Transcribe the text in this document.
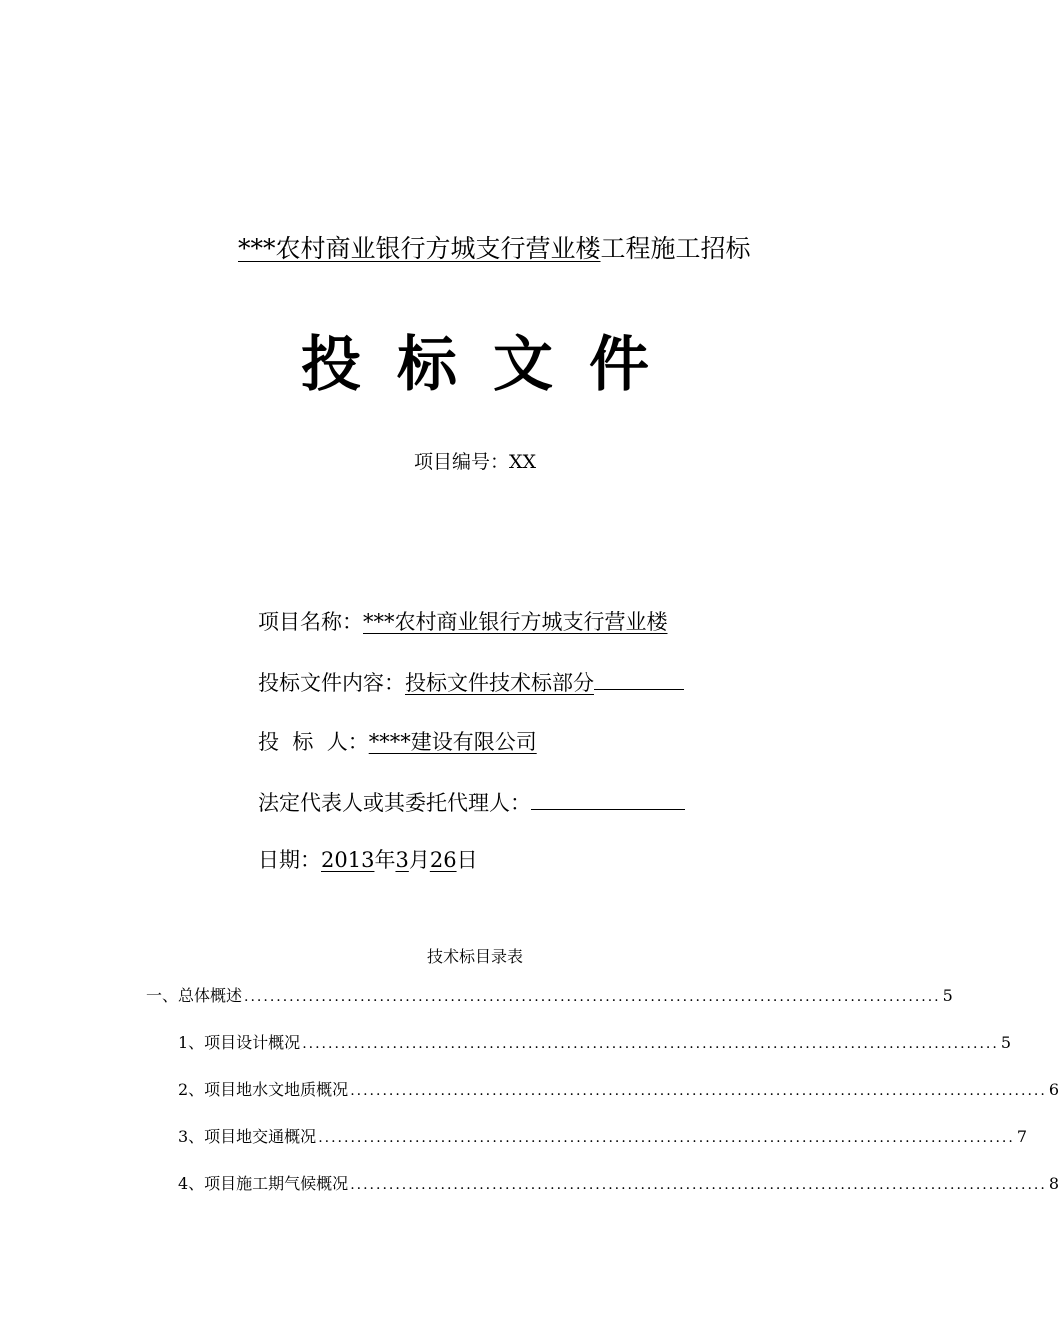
***农村商业银行方城支行营业楼工程施工招标
投标文件
项目编号：XX
项目名称：***农村商业银行方城支行营业楼
投标文件内容：投标文件技术标部分
投  标  人：****建设有限公司
法定代表人或其委托代理人：
日期：2013年3月26日
技术标目录表
一、总体概述 ............................................................................................................ 5
1、项目设计概况 ............................................................................................................ 5
2、项目地水文地质概况 ............................................................................................................ 6
3、项目地交通概况 ............................................................................................................ 7
4、项目施工期气候概况 ............................................................................................................ 8
